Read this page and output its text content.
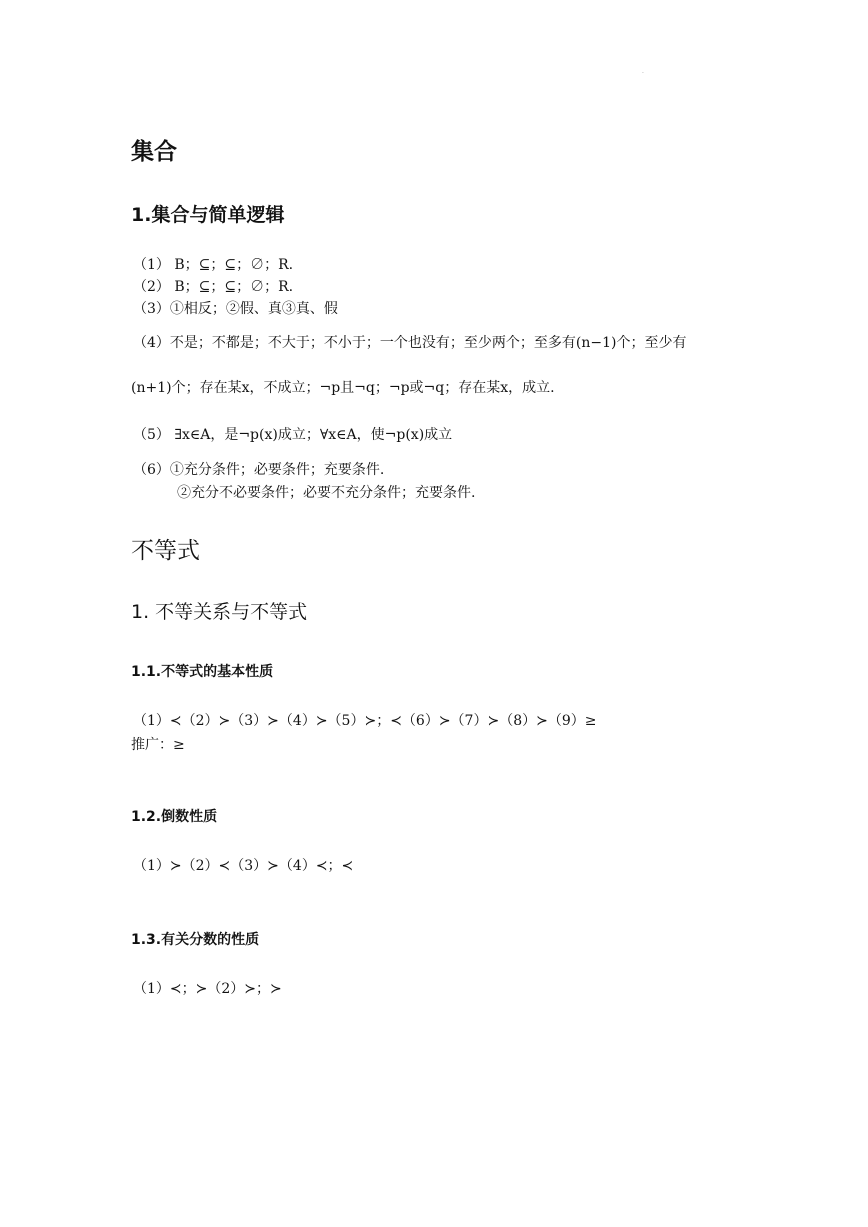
·
集合
1.集合与简单逻辑
（1） B；⊆；⊆；∅；R.
（2） B；⊆；⊆；∅；R.
（3）①相反；②假、真③真、假
（4）不是；不都是；不大于；不小于；一个也没有；至少两个；至多有(n−1)个；至少有
(n+1)个；存在某x，不成立；¬p且¬q；¬p或¬q；存在某x，成立.
（5） ∃x∈A，是¬p(x)成立；∀x∈A，使¬p(x)成立
（6）①充分条件；必要条件；充要条件.
②充分不必要条件；必要不充分条件；充要条件.
不等式
1. 不等关系与不等式
1.1.不等式的基本性质
（1）≺（2）≻（3）≻（4）≻（5）≻；≺（6）≻（7）≻（8）≻（9）≥
推广：≥
1.2.倒数性质
（1）≻（2）≺（3）≻（4）≺；≺
1.3.有关分数的性质
（1）≺；≻（2）≻；≻
